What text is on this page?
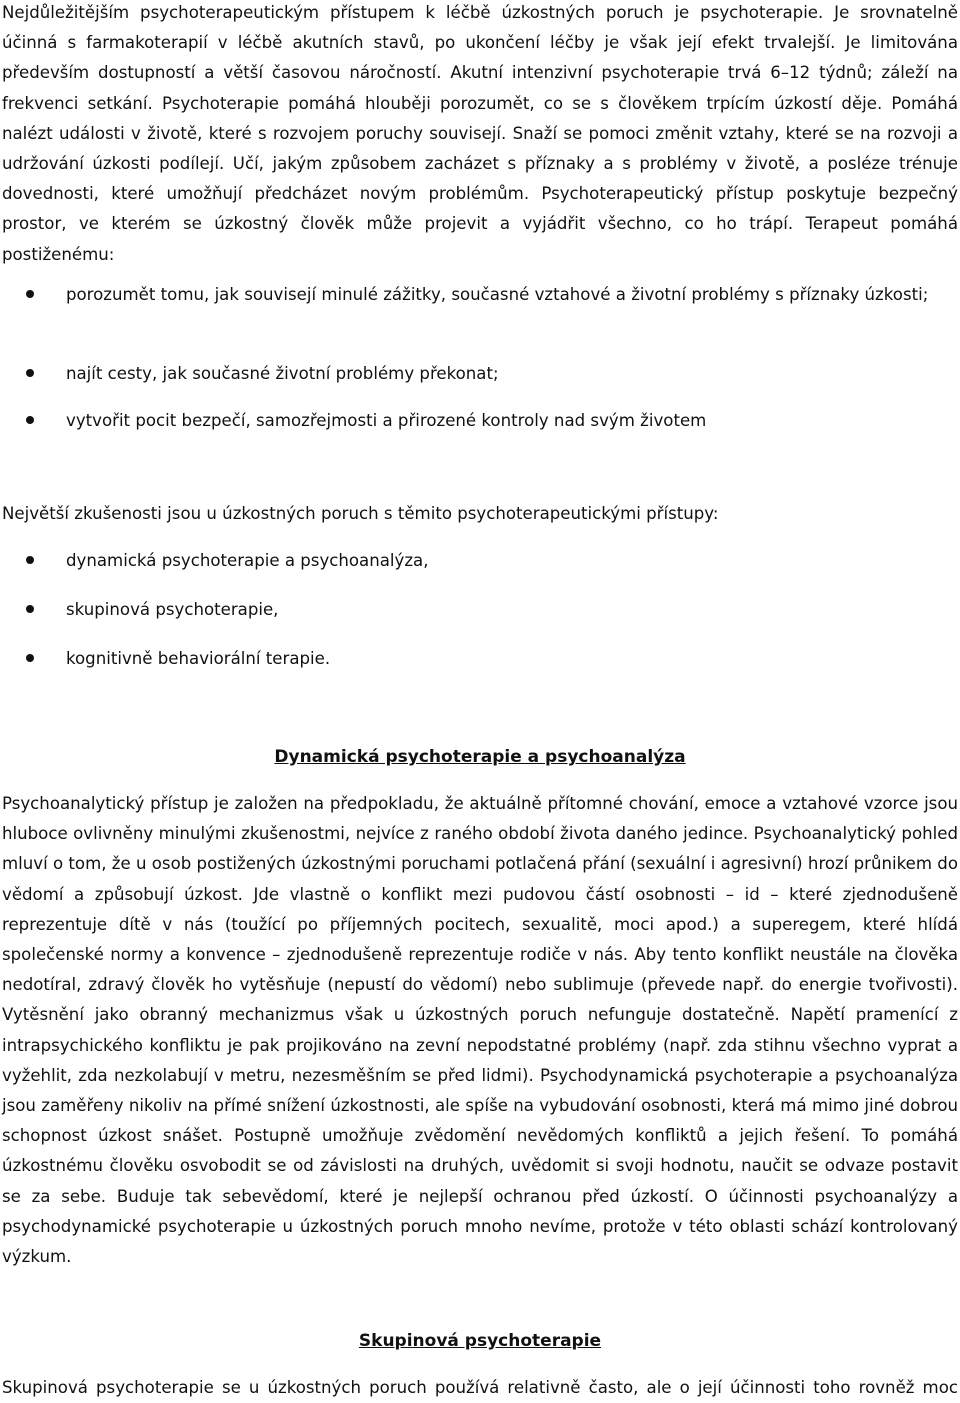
Nejdůležitějším psychoterapeutickým přístupem k léčbě úzkostných poruch je psychoterapie. Je srovnatelně účinná s farmakoterapií v léčbě akutních stavů, po ukončení léčby je však její efekt trvalejší. Je limitována především dostupností a větší časovou náročností. Akutní intenzivní psychoterapie trvá 6–12 týdnů; záleží na frekvenci setkání. Psychoterapie pomáhá hlouběji porozumět, co se s člověkem trpícím úzkostí děje. Pomáhá nalézt události v životě, které s rozvojem poruchy souvisejí. Snaží se pomoci změnit vztahy, které se na rozvoji a udržování úzkosti podílejí. Učí, jakým způsobem zacházet s příznaky a s problémy v životě, a posléze trénuje dovednosti, které umožňují předcházet novým problémům. Psychoterapeutický přístup poskytuje bezpečný prostor, ve kterém se úzkostný člověk může projevit a vyjádřit všechno, co ho trápí. Terapeut pomáhá postiženému:

porozumět tomu, jak souvisejí minulé zážitky, současné vztahové a životní problémy s příznaky úzkosti;

najít cesty, jak současné životní problémy překonat;

vytvořit pocit bezpečí, samozřejmosti a přirozené kontroly nad svým životem

Největší zkušenosti jsou u úzkostných poruch s těmito psychoterapeutickými přístupy:

dynamická psychoterapie a psychoanalýza,

skupinová psychoterapie,

kognitivně behaviorální terapie.

Dynamická psychoterapie a psychoanalýza

Psychoanalytický přístup je založen na předpokladu, že aktuálně přítomné chování, emoce a vztahové vzorce jsou hluboce ovlivněny minulými zkušenostmi, nejvíce z raného období života daného jedince. Psychoanalytický pohled mluví o tom, že u osob postižených úzkostnými poruchami potlačená přání (sexuální i agresivní) hrozí průnikem do vědomí a způsobují úzkost. Jde vlastně o konflikt mezi pudovou částí osobnosti – id – které zjednodušeně reprezentuje dítě v nás (toužící po příjemných pocitech, sexualitě, moci apod.) a superegem, které hlídá společenské normy a konvence – zjednodušeně reprezentuje rodiče v nás. Aby tento konflikt neustále na člověka nedotíral, zdravý člověk ho vytěsňuje (nepustí do vědomí) nebo sublimuje (převede např. do energie tvořivosti). Vytěsnění jako obranný mechanizmus však u úzkostných poruch nefunguje dostatečně. Napětí pramenící z intrapsychického konfliktu je pak projikováno na zevní nepodstatné problémy (např. zda stihnu všechno vyprat a vyžehlit, zda nezkolabují v metru, nezesměšním se před lidmi). Psychodynamická psychoterapie a psychoanalýza jsou zaměřeny nikoliv na přímé snížení úzkostnosti, ale spíše na vybudování osobnosti, která má mimo jiné dobrou schopnost úzkost snášet. Postupně umožňuje zvědomění nevědomých konfliktů a jejich řešení. To pomáhá úzkostnému člověku osvobodit se od závislosti na druhých, uvědomit si svoji hodnotu, naučit se odvaze postavit se za sebe. Buduje tak sebevědomí, které je nejlepší ochranou před úzkostí. O účinnosti psychoanalýzy a psychodynamické psychoterapie u úzkostných poruch mnoho nevíme, protože v této oblasti schází kontrolovaný výzkum.

Skupinová psychoterapie

Skupinová psychoterapie se u úzkostných poruch používá relativně často, ale o její účinnosti toho rovněž moc
